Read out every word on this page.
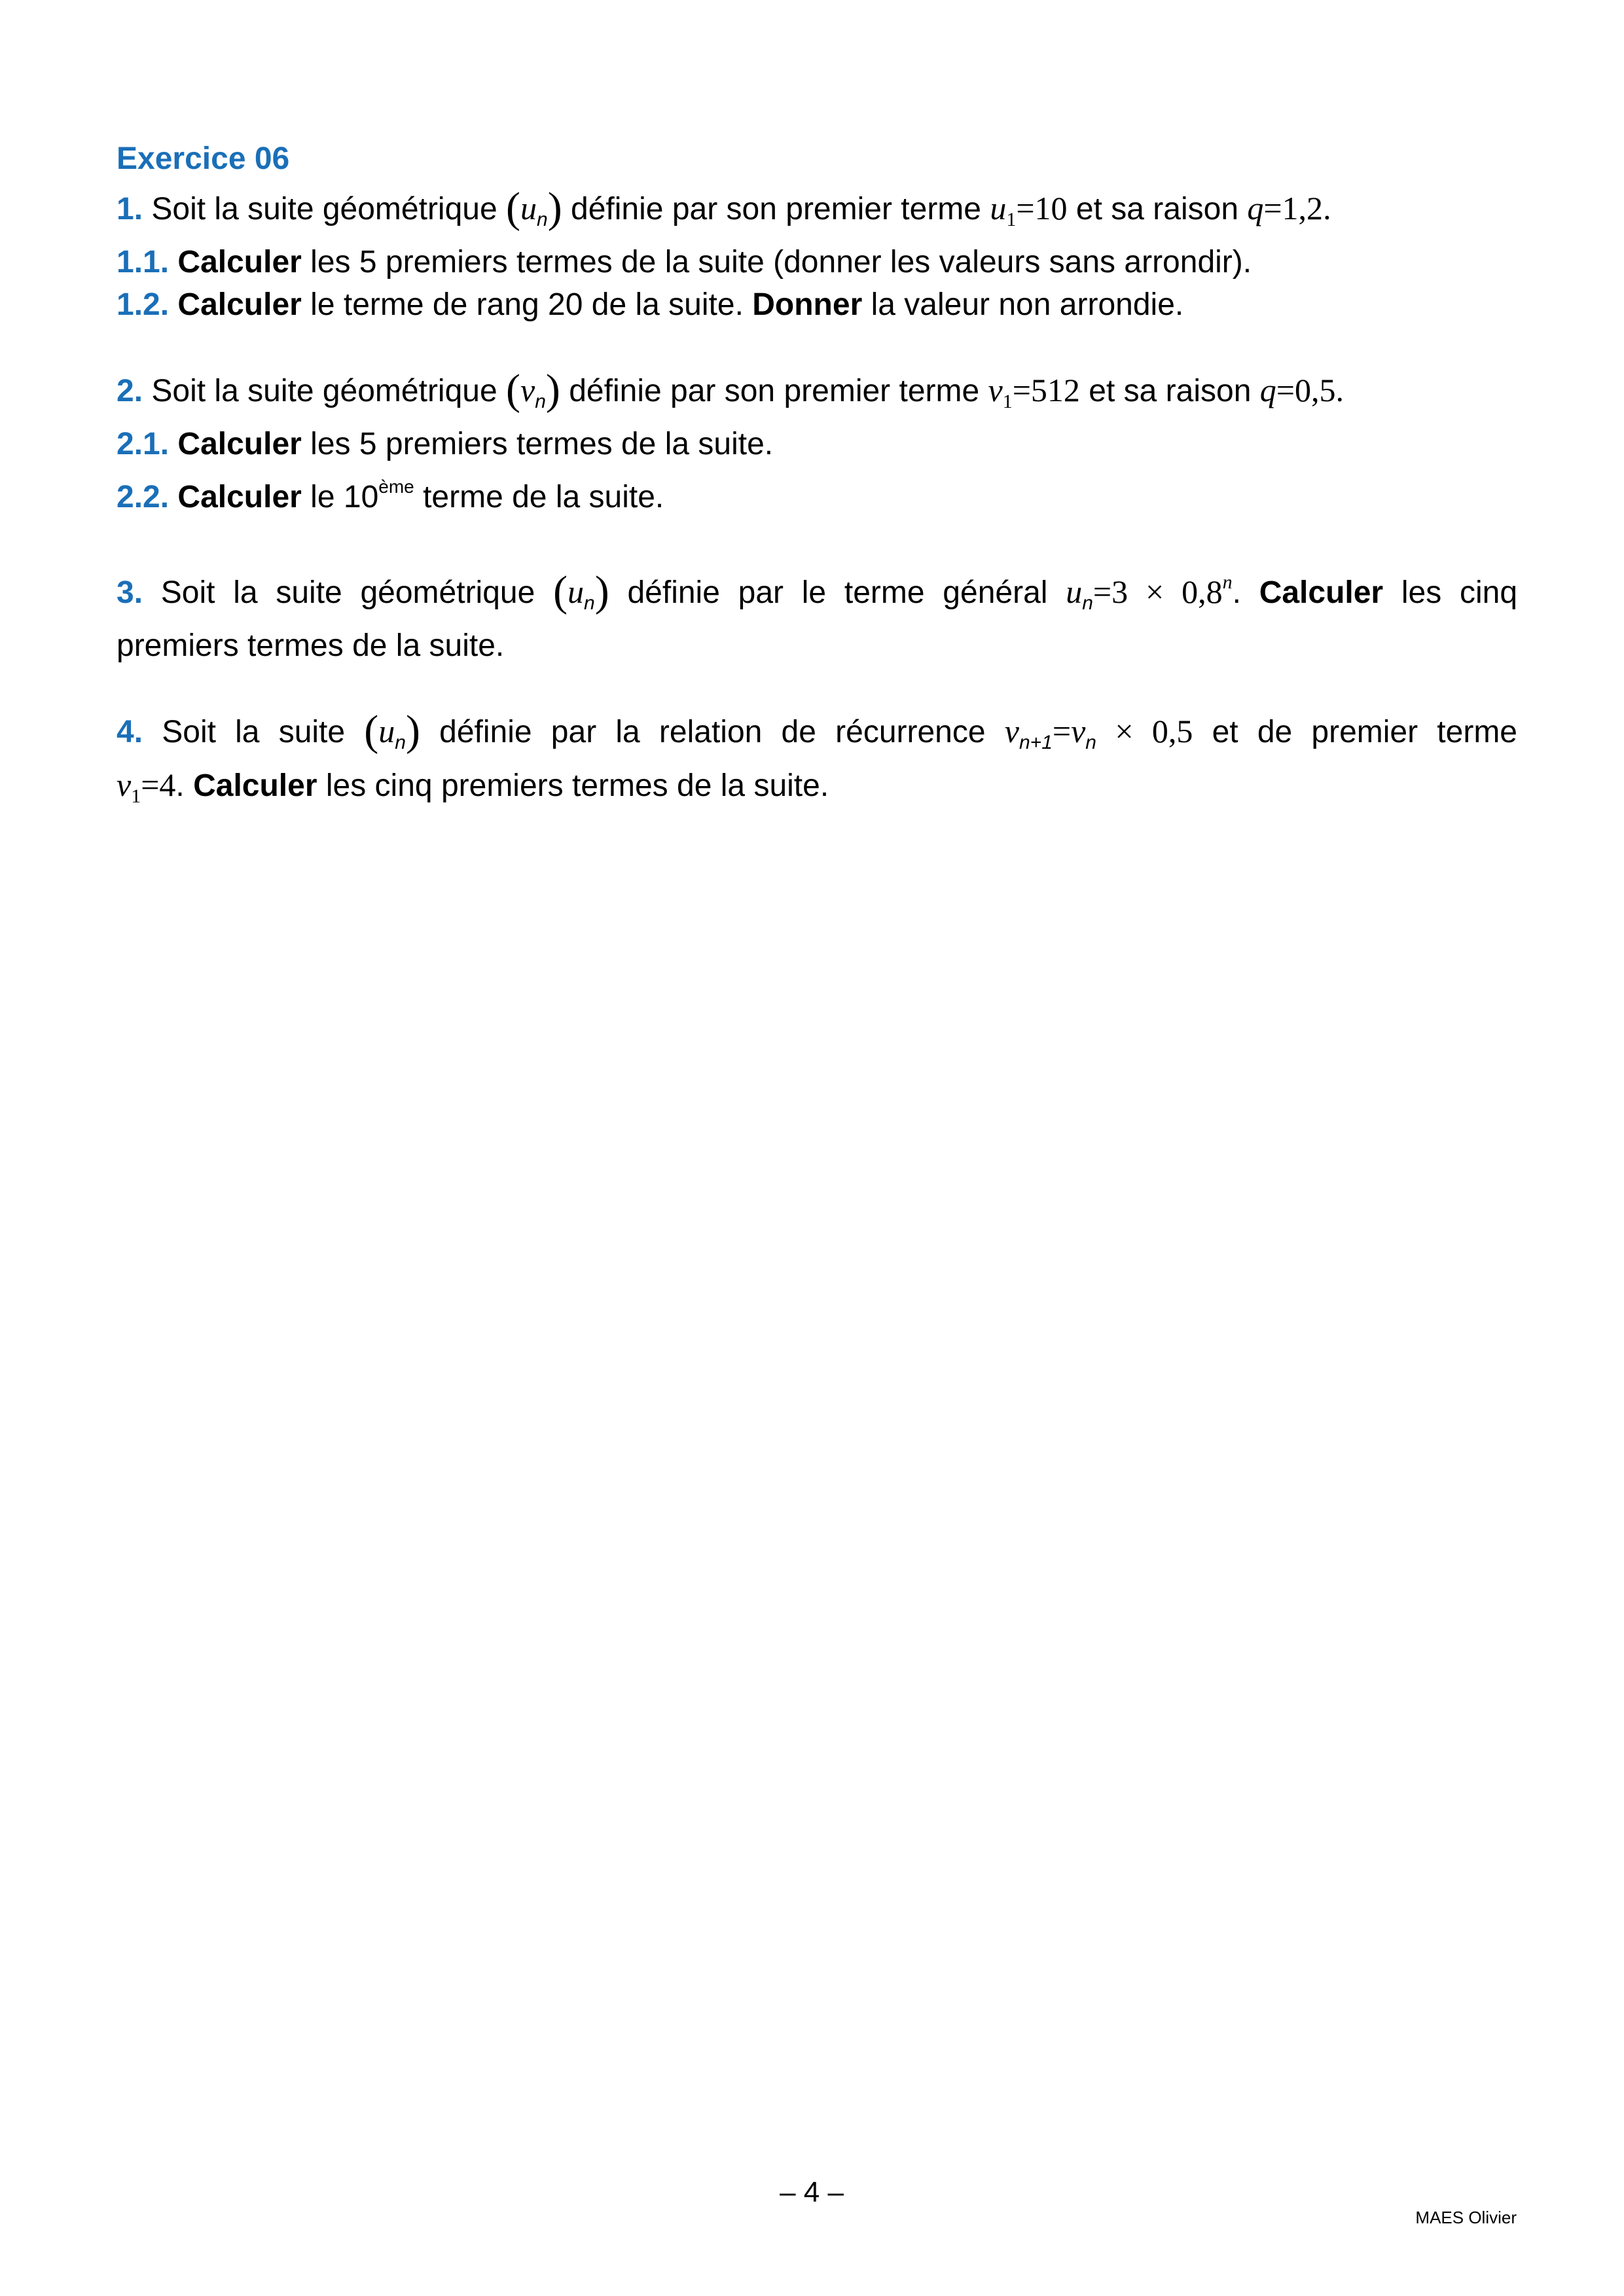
Exercice 06
1. Soit la suite géométrique $(u_n)$ définie par son premier terme $u_1=10$ et sa raison q=1,2.
1.1. Calculer les 5 premiers termes de la suite (donner les valeurs sans arrondir).
1.2. Calculer le terme de rang 20 de la suite. Donner la valeur non arrondie.
2. Soit la suite géométrique $(v_n)$ définie par son premier terme $v_1=512$ et sa raison q=0,5.
2.1. Calculer les 5 premiers termes de la suite.
2.2. Calculer le 10ème terme de la suite.
3. Soit la suite géométrique $(u_n)$ définie par le terme général $u_n=3 \times 0,8^n$. Calculer les cinq
premiers termes de la suite.
4. Soit la suite $(u_n)$ définie par la relation de récurrence $v_{n+1}=v_n \times 0,5$ et de premier terme
$v_1=4$. Calculer les cinq premiers termes de la suite.
– 4 –
MAES Olivier
